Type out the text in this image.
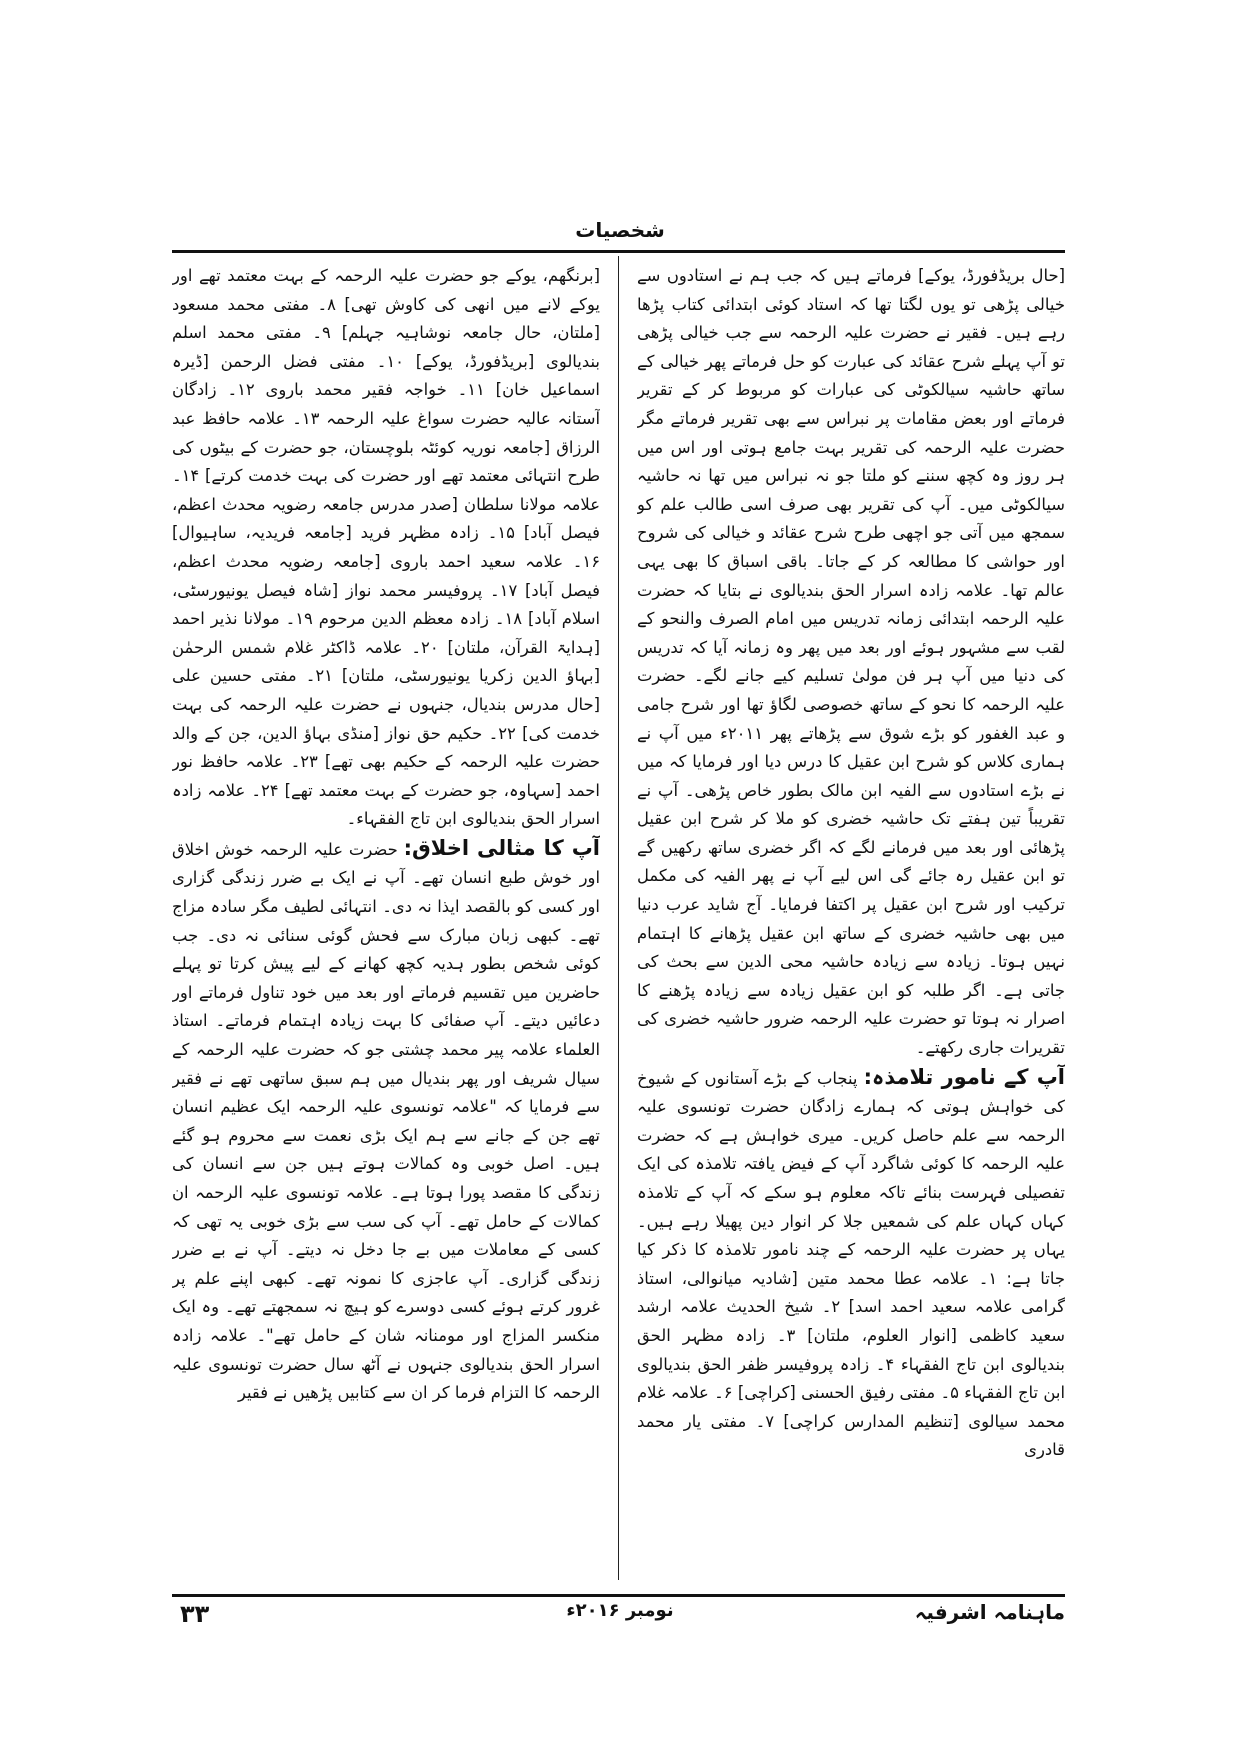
شخصیات

[حال بریڈفورڈ، یوکے] فرماتے ہیں کہ جب ہم نے استادوں سے خیالی پڑھی تو یوں لگتا تھا کہ استاد کوئی ابتدائی کتاب پڑھا رہے ہیں۔ فقیر نے حضرت علیہ الرحمہ سے جب خیالی پڑھی تو آپ پہلے شرح عقائد کی عبارت کو حل فرماتے پھر خیالی کے ساتھ حاشیہ سیالکوٹی کی عبارات کو مربوط کر کے تقریر فرماتے اور بعض مقامات پر نبراس سے بھی تقریر فرماتے مگر حضرت علیہ الرحمہ کی تقریر بہت جامع ہوتی اور اس میں ہر روز وہ کچھ سننے کو ملتا جو نہ نبراس میں تھا نہ حاشیہ سیالکوٹی میں۔ آپ کی تقریر بھی صرف اسی طالب علم کو سمجھ میں آتی جو اچھی طرح شرح عقائد و خیالی کی شروح اور حواشی کا مطالعہ کر کے جاتا۔ باقی اسباق کا بھی یہی عالم تھا۔ علامہ زادہ اسرار الحق بندیالوی نے بتایا کہ حضرت علیہ الرحمہ ابتدائی زمانہ تدریس میں امام الصرف والنحو کے لقب سے مشہور ہوئے اور بعد میں پھر وہ زمانہ آیا کہ تدریس کی دنیا میں آپ ہر فن مولیٰ تسلیم کیے جانے لگے۔ حضرت علیہ الرحمہ کا نحو کے ساتھ خصوصی لگاؤ تھا اور شرح جامی و عبد الغفور کو بڑے شوق سے پڑھاتے پھر ۲۰۱۱ء میں آپ نے ہماری کلاس کو شرح ابن عقیل کا درس دیا اور فرمایا کہ میں نے بڑے استادوں سے الفیہ ابن مالک بطور خاص پڑھی۔ آپ نے تقریباً تین ہفتے تک حاشیہ خضری کو ملا کر شرح ابن عقیل پڑھائی اور بعد میں فرمانے لگے کہ اگر خضری ساتھ رکھیں گے تو ابن عقیل رہ جائے گی اس لیے آپ نے پھر الفیہ کی مکمل ترکیب اور شرح ابن عقیل پر اکتفا فرمایا۔ آج شاید عرب دنیا میں بھی حاشیہ خضری کے ساتھ ابن عقیل پڑھانے کا اہتمام نہیں ہوتا۔ زیادہ سے زیادہ حاشیہ محی الدین سے بحث کی جاتی ہے۔ اگر طلبہ کو ابن عقیل زیادہ سے زیادہ پڑھنے کا اصرار نہ ہوتا تو حضرت علیہ الرحمہ ضرور حاشیہ خضری کی تقریرات جاری رکھتے۔

آپ کے نامور تلامذہ: پنجاب کے بڑے آستانوں کے شیوخ کی خواہش ہوتی کہ ہمارے زادگان حضرت تونسوی علیہ الرحمہ سے علم حاصل کریں۔ میری خواہش ہے کہ حضرت علیہ الرحمہ کا کوئی شاگرد آپ کے فیض یافتہ تلامذہ کی ایک تفصیلی فہرست بنائے تاکہ معلوم ہو سکے کہ آپ کے تلامذہ کہاں کہاں علم کی شمعیں جلا کر انوار دین پھیلا رہے ہیں۔ یہاں پر حضرت علیہ الرحمہ کے چند نامور تلامذہ کا ذکر کیا جاتا ہے: ۱۔ علامہ عطا محمد متین [شادیہ میانوالی، استاذ گرامی علامہ سعید احمد اسد] ۲۔ شیخ الحدیث علامہ ارشد سعید کاظمی [انوار العلوم، ملتان] ۳۔ زادہ مظہر الحق بندیالوی ابن تاج الفقہاء ۴۔ زادہ پروفیسر ظفر الحق بندیالوی ابن تاج الفقہاء ۵۔ مفتی رفیق الحسنی [کراچی] ۶۔ علامہ غلام محمد سیالوی [تنظیم المدارس کراچی] ۷۔ مفتی یار محمد قادری

[برنگھم، یوکے جو حضرت علیہ الرحمہ کے بہت معتمد تھے اور یوکے لانے میں انھی کی کاوش تھی] ۸۔ مفتی محمد مسعود [ملتان، حال جامعہ نوشاہیہ جہلم] ۹۔ مفتی محمد اسلم بندیالوی [بریڈفورڈ، یوکے] ۱۰۔ مفتی فضل الرحمن [ڈیرہ اسماعیل خان] ۱۱۔ خواجہ فقیر محمد باروی ۱۲۔ زادگان آستانہ عالیہ حضرت سواغ علیہ الرحمہ ۱۳۔ علامہ حافظ عبد الرزاق [جامعہ نوریہ کوئٹہ بلوچستان، جو حضرت کے بیٹوں کی طرح انتہائی معتمد تھے اور حضرت کی بہت خدمت کرتے] ۱۴۔ علامہ مولانا سلطان [صدر مدرس جامعہ رضویہ محدث اعظم، فیصل آباد] ۱۵۔ زادہ مظہر فرید [جامعہ فریدیہ، ساہیوال] ۱۶۔ علامہ سعید احمد باروی [جامعہ رضویہ محدث اعظم، فیصل آباد] ۱۷۔ پروفیسر محمد نواز [شاہ فیصل یونیورسٹی، اسلام آباد] ۱۸۔ زادہ معظم الدین مرحوم ۱۹۔ مولانا نذیر احمد [ہدایۃ القرآن، ملتان] ۲۰۔ علامہ ڈاکٹر غلام شمس الرحمٰن [بہاؤ الدین زکریا یونیورسٹی، ملتان] ۲۱۔ مفتی حسین علی [حال مدرس بندیال، جنہوں نے حضرت علیہ الرحمہ کی بہت خدمت کی] ۲۲۔ حکیم حق نواز [منڈی بہاؤ الدین، جن کے والد حضرت علیہ الرحمہ کے حکیم بھی تھے] ۲۳۔ علامہ حافظ نور احمد [سہاوہ، جو حضرت کے بہت معتمد تھے] ۲۴۔ علامہ زادہ اسرار الحق بندیالوی ابن تاج الفقہاء۔

آپ کا مثالی اخلاق: حضرت علیہ الرحمہ خوش اخلاق اور خوش طبع انسان تھے۔ آپ نے ایک بے ضرر زندگی گزاری اور کسی کو بالقصد ایذا نہ دی۔ انتہائی لطیف مگر سادہ مزاج تھے۔ کبھی زبان مبارک سے فحش گوئی سنائی نہ دی۔ جب کوئی شخص بطور ہدیہ کچھ کھانے کے لیے پیش کرتا تو پہلے حاضرین میں تقسیم فرماتے اور بعد میں خود تناول فرماتے اور دعائیں دیتے۔ آپ صفائی کا بہت زیادہ اہتمام فرماتے۔ استاذ العلماء علامہ پیر محمد چشتی جو کہ حضرت علیہ الرحمہ کے سیال شریف اور پھر بندیال میں ہم سبق ساتھی تھے نے فقیر سے فرمایا کہ "علامہ تونسوی علیہ الرحمہ ایک عظیم انسان تھے جن کے جانے سے ہم ایک بڑی نعمت سے محروم ہو گئے ہیں۔ اصل خوبی وہ کمالات ہوتے ہیں جن سے انسان کی زندگی کا مقصد پورا ہوتا ہے۔ علامہ تونسوی علیہ الرحمہ ان کمالات کے حامل تھے۔ آپ کی سب سے بڑی خوبی یہ تھی کہ کسی کے معاملات میں بے جا دخل نہ دیتے۔ آپ نے بے ضرر زندگی گزاری۔ آپ عاجزی کا نمونہ تھے۔ کبھی اپنے علم پر غرور کرتے ہوئے کسی دوسرے کو ہیچ نہ سمجھتے تھے۔ وہ ایک منکسر المزاج اور مومنانہ شان کے حامل تھے"۔ علامہ زادہ اسرار الحق بندیالوی جنہوں نے آٹھ سال حضرت تونسوی علیہ الرحمہ کا التزام فرما کر ان سے کتابیں پڑھیں نے فقیر

۳۳	نومبر ۲۰۱۶ء	ماہنامہ اشرفیہ
